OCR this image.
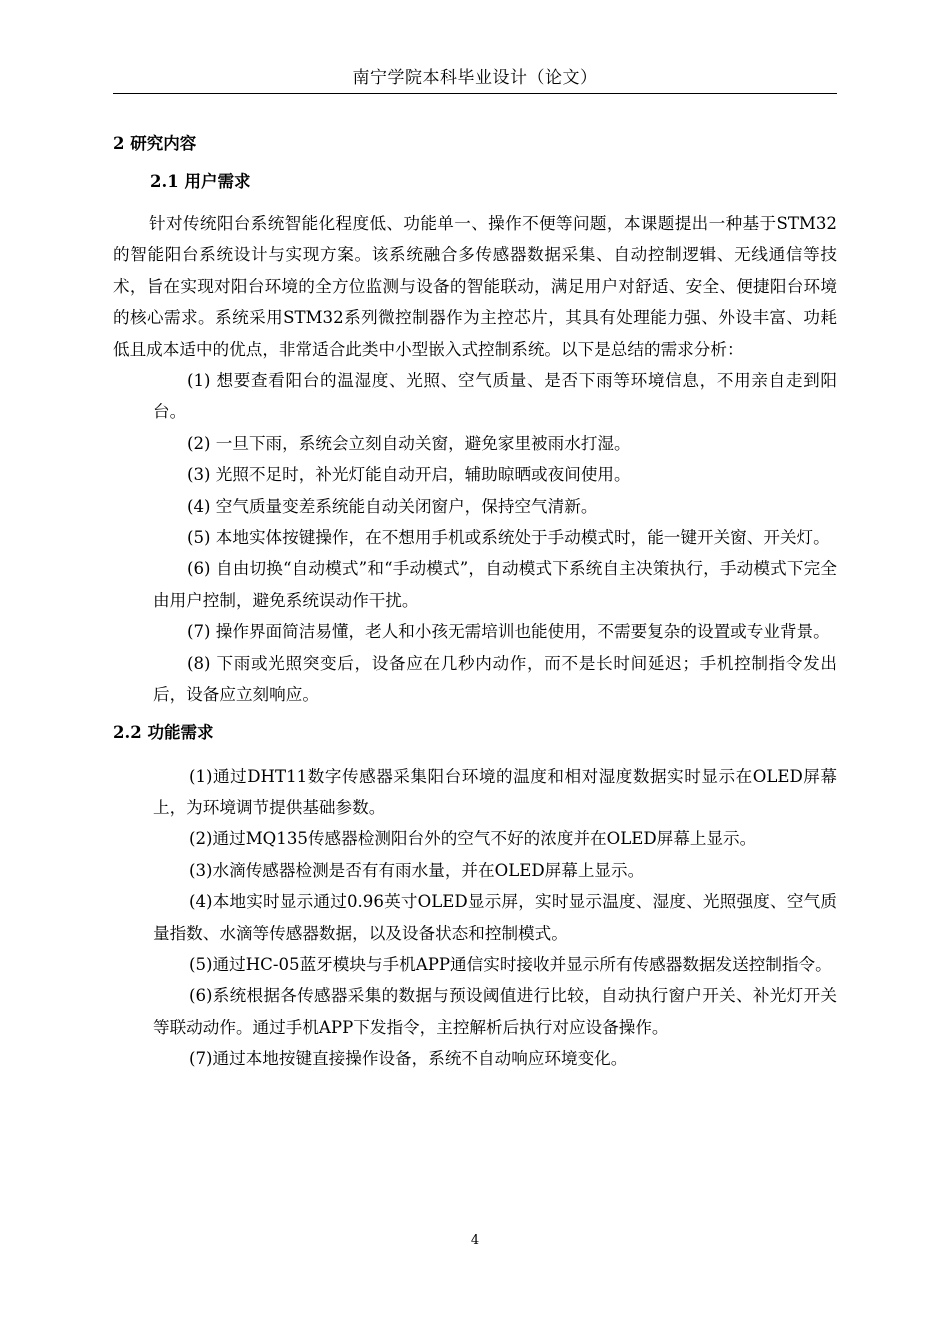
南宁学院本科毕业设计（论文）
2 研究内容
2.1 用户需求

针对传统阳台系统智能化程度低、功能单一、操作不便等问题，本课题提出一种基于STM32的智能阳台系统设计与实现方案。该系统融合多传感器数据采集、自动控制逻辑、无线通信等技术，旨在实现对阳台环境的全方位监测与设备的智能联动，满足用户对舒适、安全、便捷阳台环境的核心需求。系统采用STM32系列微控制器作为主控芯片，其具有处理能力强、外设丰富、功耗低且成本适中的优点，非常适合此类中小型嵌入式控制系统。以下是总结的需求分析：

(1) 想要查看阳台的温湿度、光照、空气质量、是否下雨等环境信息，不用亲自走到阳台。

(2) 一旦下雨，系统会立刻自动关窗，避免家里被雨水打湿。

(3) 光照不足时，补光灯能自动开启，辅助晾晒或夜间使用。

(4) 空气质量变差系统能自动关闭窗户，保持空气清新。

(5) 本地实体按键操作，在不想用手机或系统处于手动模式时，能一键开关窗、开关灯。

(6) 自由切换“自动模式”和“手动模式”，自动模式下系统自主决策执行，手动模式下完全由用户控制，避免系统误动作干扰。

(7) 操作界面简洁易懂，老人和小孩无需培训也能使用，不需要复杂的设置或专业背景。

(8) 下雨或光照突变后，设备应在几秒内动作，而不是长时间延迟；手机控制指令发出后，设备应立刻响应。

2.2 功能需求

(1)通过DHT11数字传感器采集阳台环境的温度和相对湿度数据实时显示在OLED屏幕上，为环境调节提供基础参数。

(2)通过MQ135传感器检测阳台外的空气不好的浓度并在OLED屏幕上显示。

(3)水滴传感器检测是否有有雨水量，并在OLED屏幕上显示。

(4)本地实时显示通过0.96英寸OLED显示屏，实时显示温度、湿度、光照强度、空气质量指数、水滴等传感器数据，以及设备状态和控制模式。

(5)通过HC-05蓝牙模块与手机APP通信实时接收并显示所有传感器数据发送控制指令。

(6)系统根据各传感器采集的数据与预设阈值进行比较，自动执行窗户开关、补光灯开关等联动动作。通过手机APP下发指令，主控解析后执行对应设备操作。

(7)通过本地按键直接操作设备，系统不自动响应环境变化。

4
